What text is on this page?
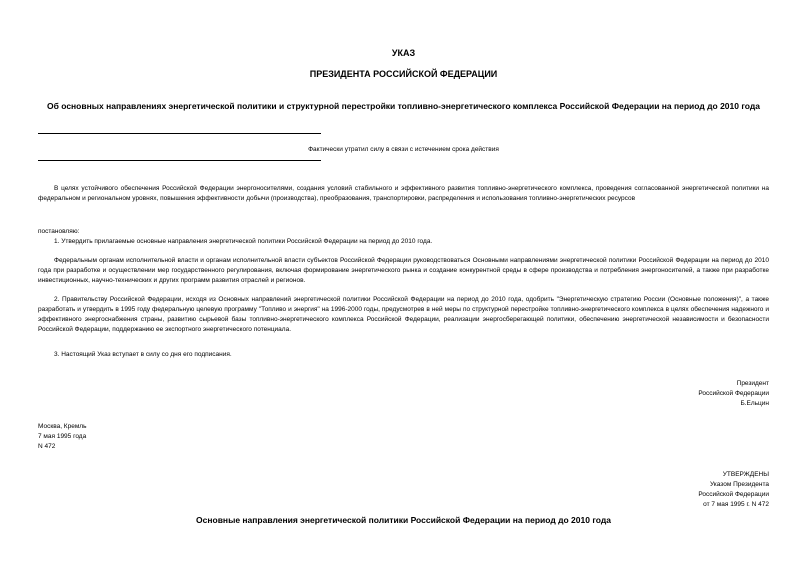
УКАЗ
ПРЕЗИДЕНТА РОССИЙСКОЙ ФЕДЕРАЦИИ
Об основных направлениях энергетической политики и структурной перестройки топливно-энергетического комплекса Российской Федерации на период до 2010 года
Фактически утратил силу в связи с истечением срока действия
В целях устойчивого обеспечения Российской Федерации энергоносителями, создания условий стабильного и эффективного развития топливно-энергетического комплекса, проведения согласованной энергетической политики на федеральном и региональном уровнях, повышения эффективности добычи (производства), преобразования, транспортировки, распределения и использования топливно-энергетических ресурсов
постановляю:
1. Утвердить прилагаемые основные направления энергетической политики Российской Федерации на период до 2010 года.
Федеральным органам исполнительной власти и органам исполнительной власти субъектов Российской Федерации руководствоваться Основными направлениями энергетической политики Российской Федерации на период до 2010 года при разработке и осуществлении мер государственного регулирования, включая формирование энергетического рынка и создание конкурентной среды в сфере производства и потребления энергоносителей, а также при разработке инвестиционных, научно-технических и других программ развития отраслей и регионов.
2. Правительству Российской Федерации, исходя из Основных направлений энергетической политики Российской Федерации на период до 2010 года, одобрить "Энергетическую стратегию России (Основные положения)", а также разработать и утвердить в 1995 году федеральную целевую программу "Топливо и энергия" на 1996-2000 годы, предусмотрев в ней меры по структурной перестройке топливно-энергетического комплекса в целях обеспечения надежного и эффективного энергоснабжения страны, развитию сырьевой базы топливно-энергетического комплекса Российской Федерации, реализации энергосберегающей политики, обеспечению энергетической независимости и безопасности Российской Федерации, поддержанию ее экспортного энергетического потенциала.
3. Настоящий Указ вступает в силу со дня его подписания.
Президент
Российской Федерации
Б.Ельцин
Москва, Кремль
7 мая 1995 года
N 472
УТВЕРЖДЕНЫ
Указом Президента
Российской Федерации
от 7 мая 1995 г. N 472
Основные направления энергетической политики Российской Федерации на период до 2010 года
